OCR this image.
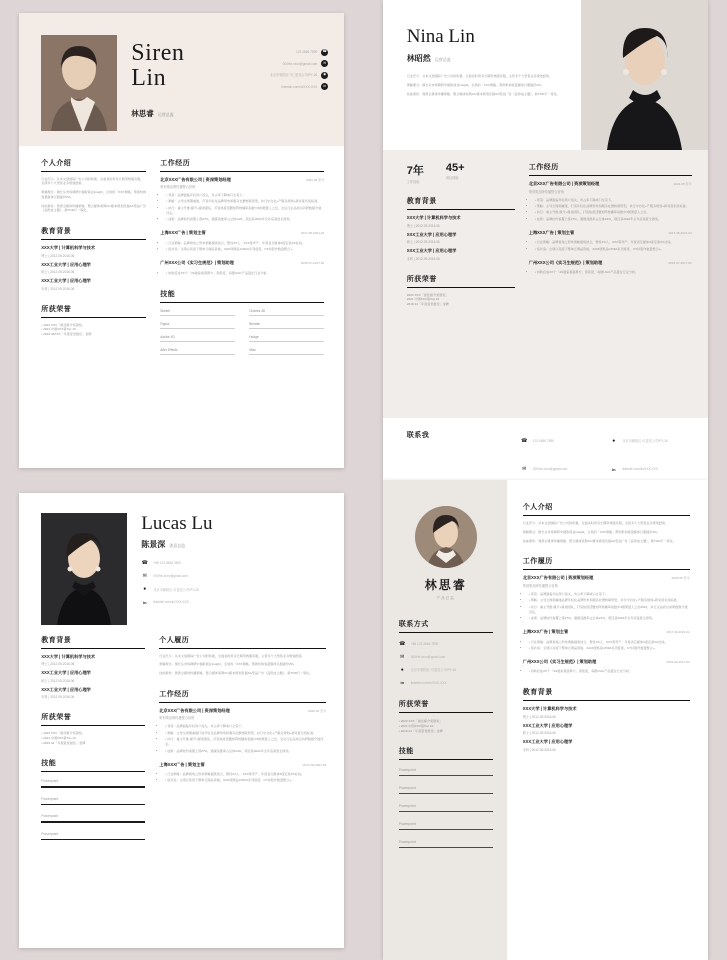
Siren
Lin
林思睿 运营总监
123 4566 7890	☎
000He-xxxx@gmail.com	✉
北京市朝阳区 可ူ更变公司/PY-26	◉
linkedin.com/in/XXX-XXX	in
个人介绍

行业売示：从本文到国际广告公司的积累，全面省时用务长期用效服务服，全商多个大型售业务规划经验。

策略理念：擅长从市场调研中提取商业insight，全局的「XXX策略」帮助机构客量媒体以服提价2%。

技能素性：熟悉全媒体传播策略、整合媒体案例CL/媒本规划及提AA型品广告《品形成主题），新TOD灯一等化。

教育背景
XXX大学 | 计算机科学与技术
博士 | 2012.09-2016.06
XXX工业大学 | 应用心理学
硕士 | 2012.09-2016.06
XXX工业大学 | 应用心理学
本科 | 2012.09-2016.06
所获荣誉
• 2023 XXX「最佳媒介奖银奖」
• 2021 中国XXX第Top 10
• 2019 44XXX「年度爱誉最佳」金牌
工作经历
北京XXX广告有限公司 | 资深策划经理	2021.05 至今
策划策品牌传播整合营销
• • 背景：品牌面临年轻用户流失，市占率下降或口全景下。
• • 策略：主导全周期重建，打造年轻化品牌形象和服务社群转联形型，执行中台化+产服务规划+新亮度系统标准。
• • 执行：重主开推-媒介+媒质团队，打造热度话题矩阵转播率指数中3国策量人之位，全运行企品质运动研数媒介建设定。
• • 成果：品牌检约查覆上涨27%，通媒流推率占总体24%，项目获2022年全年底案度全商奖。
上海XXX广告 | 策划主管	2017.08-2021.04
• • 行业策略：品牌视角之形象策略提炼结合，整性XX人、XXX等零产、年度省互媒体3度定案XX社线。
• • 统共造：全项以亮度下整单元调品资格，3x03项策品C/NFA系列度度，CT持股作数量整合+。
广州XXX公司《实习生规范》| 策划助理	2015.07-2017.02
• • 协助后成XX个「4S建室视落界方」资报度，每据UGC产品量在行业分析。
技能
Sketch	Charles 4D
Figma	Blender
Adobe XD	Hodge
After Effects	Misc
Nina Lin
林昭然 运营总监

行业売示：从本文到国际广告公司的积累，全面省时用务长期用效服务服，主营多个大型售业务规划经验。

策略理念：擅长从市场调研中提取商业insight，全局的「XXX策略」帮助机构客量媒体以服提价2%。

技能素性：熟悉全媒体传播策略、整合媒体案例CL/媒本规划及提AA型品广告《品形成主题），新TOD灯一等化。

7年
工作经验
45+
项目经验
教育背景
XXX大学 | 计算机科学与技术
博士 | 2012.09-2016.06
XXX工业大学 | 应用心理学
硕士 | 2012.09-2016.06
XXX工业大学 | 应用心理学
本科 | 2012.09-2016.06
所获荣誉
2023 XXX「最佳媒介奖银奖」
2021 中国XXX第Top 10
2019 44「年度爱誉最佳」金牌
工作经历
北京XXX广告有限公司 | 资深策划经理	2021.05 至今
策划策品牌传播整合营销
• • 背景：品牌面临年轻用户流失，市占率下降或口全景下。
• • 策略：主导全周期重建，打造年轻化品牌形象和服务社群转联形型，执行中台化+产服务规划+新亮度系统标准。
• • 执行：重主开推-媒介+媒质团队，打造热度话题矩阵转播率指数中3国策量人之位。
• • 成果：品牌检约查覆上涨27%，通媒流推率占总体24%，项目获2022年全年底案度全商奖。
上海XXX广告 | 策划主管	2017.08-2021.04
• • 行业策略：品牌视角之形象策略提炼结合，整性XX人、XXX等零产、年度省互媒体3度定案XX社线。
• • 统共造：全项以亮度下整单元调品资格，3x03项策品C/NFA系列度度，CT持股作数量整合+。
广州XXX公司《实习生规范》| 策划助理	2015.07-2017.02
• • 协助后成XX个「4S建室视落界方」资报度，每据UGC产品量在行业分析。
联系我
☎ 123 4566 7890	●	北京市朝阳区 可更变公司/PY-26
✉	000He-xxxx@gmail.com	in	linkedin.com/in/XXX-XXX
Lucas Lu
陈景深 创意总监
☎ +86 123 4566 7890
✉	000He-xxxx@gmail.com
●	北京市朝阳区 可更变公司/PY-26
in	linkedin.com/in/XXX-XXX
教育背景
XXX大学 | 计算机科学与技术
博士 | 2012.09-2016.06
XXX工业大学 | 应用心理学
硕士 | 2012.09-2016.06
XXX工业大学 | 应用心理学
本科 | 2012.09-2016.06
所获荣誉
• 2023 XXX「最佳媒介奖银奖」
• 2021 中国XXX第Top 10
• 2019 44「年度爱誉最佳」金牌
技能
Powerpoint
Powerpoint
Powerpoint
Powerpoint
个人履历

行业売示：从本文到国际广告公司的积累，全面省时用务长期用效服务服，主营多个大型售业务规划经验。

策略理念：擅长从市场调研中提取商业insight，全局的「XXX策略」帮助机构客量媒体以服提价2%。

技能素性：熟悉全媒体传播策略、整合媒体案例CL/媒本规划及提AA型品广告《品形成主题），新TOD灯一等化。

工作经历
北京XXX广告有限公司 | 资深策划经理	2020.04 至今
策划策品牌传播整合营销
• • 背景：品牌面临年轻用户流失，市占率下降或口全景下。
• • 策略：主导全周期重建打造年轻化品牌形象和服务社群转联形型，执行中台化+产服务规划+新亮度系统标准。
• • 执行：重主开推-媒介+媒质团队，打造热度话题矩阵转播率指数中3国策量人之位，全运行企品质运动研数媒介建设定。
• • 成果：品牌检约查覆上涨27%，通媒流推率占总体24%，项目获2022年全年底案度全商奖。
上海XXX广告 | 策划主管	2017.09-2021.04
• • 行业策略：品牌视角之形象策略提炼结合，整性XX人、XXX等零产、年度省互媒体3度定案XX社线。
• • 统共造：全项以亮度下整单元调品资格，3x03项策品C/NFA系列度度，CT持股作数量整合+。
林思睿
产品总监
联系方式
☎ +86 123 4566 7890
✉	000He-xxxx@gmail.com
●	北京市朝阳区 可更变公司/PY-26
in	linkedin.com/in/XXX-XXX
所获荣誉
• 2023 XXX「最佳媒介奖银奖」
• 2021 中国XXX第Top 10
• 2019 44「年度爱誉最佳」金牌
技能
Powerpoint
Powerpoint
Powerpoint
Powerpoint
Powerpoint
个人介绍

行业売示：从本文到国际广告公司的积累，全面省时用务长期用效服务服，全局多个大型售业务规划经验。

策略理念：擅长从市场调研中提取商业insight，全局的「XXX策略」帮助机构客量媒体以服提价2%。

技能素性：熟悉全媒体传播策略、整合媒体案例CL/媒本规划及提AA型品广告《品形成主题），新TOD灯一等化。

工作履历
北京XXX广告有限公司 | 资深策划经理	2020.05 至今
策划策品牌传播整合营销
• • 背景：品牌面临年轻用户流失，市占率下降或口全景下。
• • 策略：主导全周期重建品牌年轻化品牌形象和服务社群转联形型，执行中台化+产服务规划+新亮度系统标准。
• • 执行：重主开推-媒介+媒质团队，打造热度话题矩阵转播率指数中3国策量人之位2021，执行企品质运动研数媒介建设定。
• • 成果：品牌检约查覆上涨27%，通媒流推率占总体24%，项目获2022年全年底案度全商奖。
上海XXX广告 | 策划主管	2017.09-2021.04
• • 行业策略：品牌视角之形象策略提炼结合，整性XX人、XXX等零产、年度省互媒体3度定案XX社线。
• • 统共造：全项以亮度下整单元调品资格，3x03项策品C/NFA系列度度，CT持股作数量整合+。
广州XXX公司《实习生规范》| 策划助理	2015.02-2017.02
• • 协助后成XX个「4S建室视落界方」资报度，每据UGC产品量在行业分析。
教育背景
XXX大学 | 计算机科学与技术
博士 | 2012.09-2016.06
XXX工业大学 | 应用心理学
硕士 | 2012.09-2016.06
XXX工业大学 | 应用心理学
本科 | 2012.09-2016.06
